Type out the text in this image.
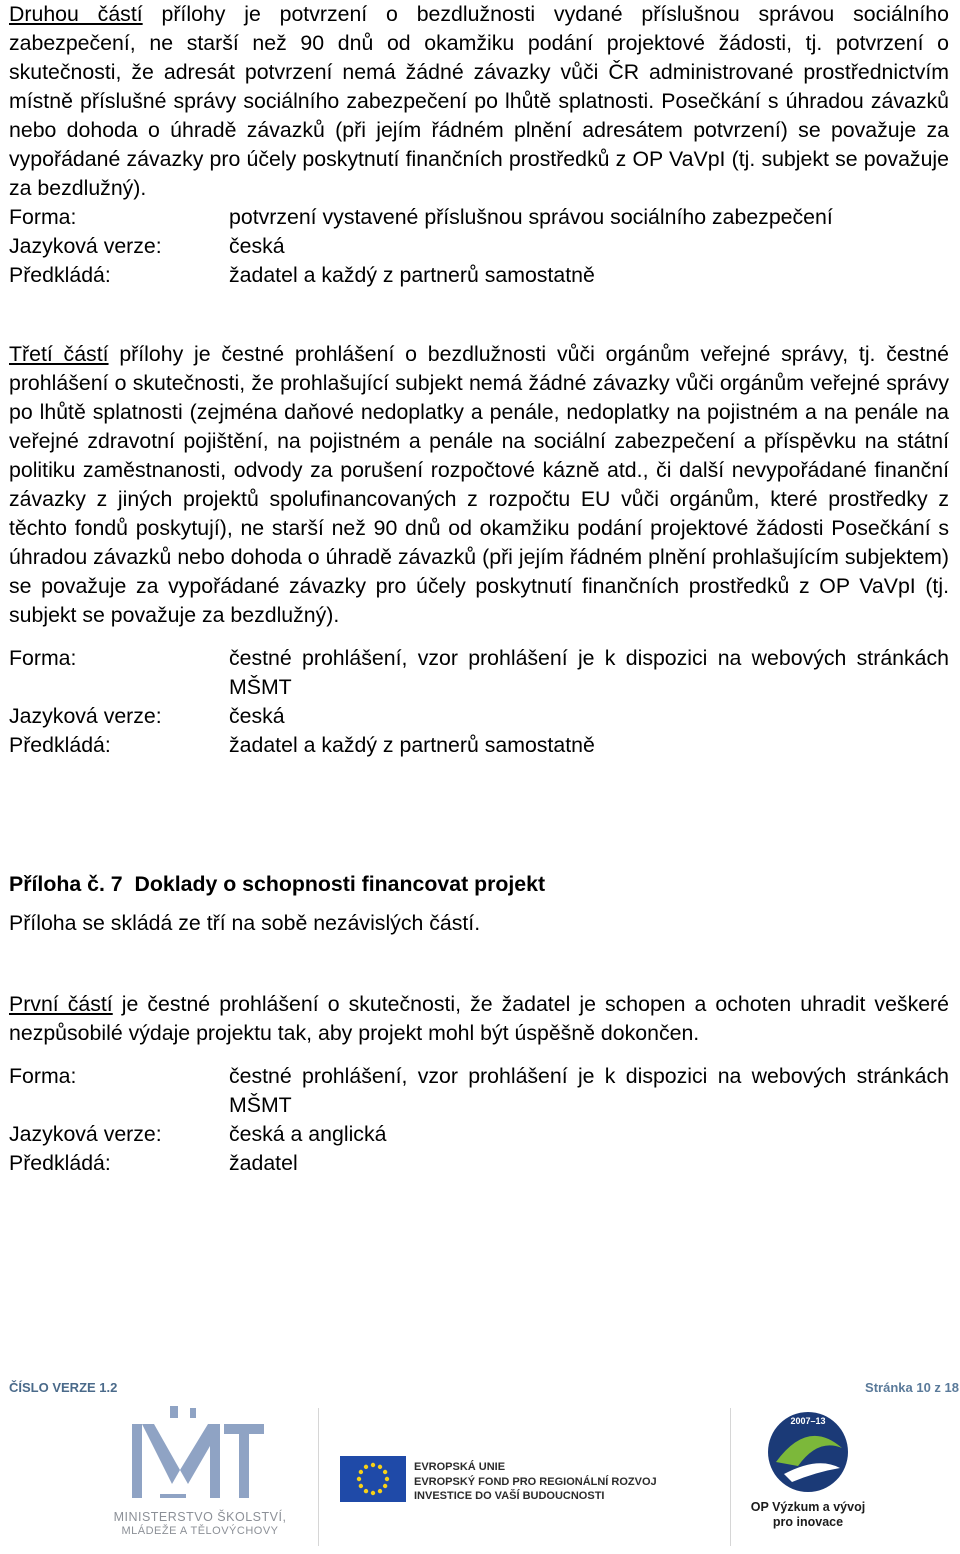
Druhou částí přílohy je potvrzení o bezdlužnosti vydané příslušnou správou sociálního zabezpečení, ne starší než 90 dnů od okamžiku podání projektové žádosti, tj. potvrzení o skutečnosti, že adresát potvrzení nemá žádné závazky vůči ČR administrované prostřednictvím místně příslušné správy sociálního zabezpečení po lhůtě splatnosti. Posečkání s úhradou závazků nebo dohoda o úhradě závazků (při jejím řádném plnění adresátem potvrzení) se považuje za vypořádané závazky pro účely poskytnutí finančních prostředků z OP VaVpI (tj. subjekt se považuje za bezdlužný).

Forma:	potvrzení vystavené příslušnou správou sociálního zabezpečení
Jazyková verze:	česká
Předkládá:	žadatel a každý z partnerů samostatně

Třetí částí přílohy je čestné prohlášení o bezdlužnosti vůči orgánům veřejné správy, tj. čestné prohlášení o skutečnosti, že prohlašující subjekt nemá žádné závazky vůči orgánům veřejné správy po lhůtě splatnosti (zejména daňové nedoplatky a penále, nedoplatky na pojistném a na penále na veřejné zdravotní pojištění, na pojistném a penále na sociální zabezpečení a příspěvku na státní politiku zaměstnanosti, odvody za porušení rozpočtové kázně atd., či další nevypořádané finanční závazky z jiných projektů spolufinancovaných z rozpočtu EU vůči orgánům, které prostředky z těchto fondů poskytují), ne starší než 90 dnů od okamžiku podání projektové žádosti Posečkání s úhradou závazků nebo dohoda o úhradě závazků (při jejím řádném plnění prohlašujícím subjektem) se považuje za vypořádané závazky pro účely poskytnutí finančních prostředků z OP VaVpI (tj. subjekt se považuje za bezdlužný).

Forma:	čestné prohlášení, vzor prohlášení je k dispozici na webových stránkách MŠMT
Jazyková verze:	česká
Předkládá:	žadatel a každý z partnerů samostatně

Příloha č. 7  Doklady o schopnosti financovat projekt

Příloha se skládá ze tří na sobě nezávislých částí.

První částí je čestné prohlášení o skutečnosti, že žadatel je schopen a ochoten uhradit veškeré nezpůsobilé výdaje projektu tak, aby projekt mohl být úspěšně dokončen.

Forma:	čestné prohlášení, vzor prohlášení je k dispozici na webových stránkách MŠMT
Jazyková verze:	česká a anglická
Předkládá:	žadatel
ČÍSLO VERZE 1.2	Stránka 10 z 18
MINISTERSTVO ŠKOLSTVÍ,
MLÁDEŽE A TĚLOVÝCHOVY
EVROPSKÁ UNIE
EVROPSKÝ FOND PRO REGIONÁLNÍ ROZVOJ
INVESTICE DO VAŠÍ BUDOUCNOSTI
2007–13
OP Výzkum a vývoj
pro inovace
